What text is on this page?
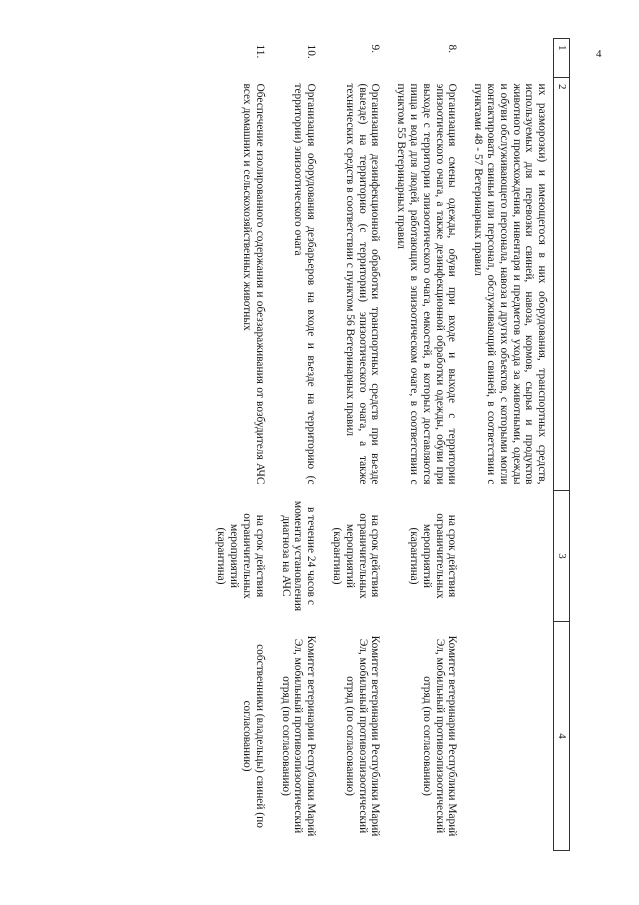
4
1	2	3	4
	их разморозки) и имеющегося в них оборудования, транспортных средств, используемых для перевозки свиней, навоза, кормов, сырья и продуктов животного происхождения, инвентаря и предметов ухода за животными, одежды и обуви обслуживающего персонала, навоза и других объектов, с которыми могли контактировать свиньи или персонал, обслуживающий свиней, в соответствии с пунктами 48 - 57 Ветеринарных правил		
8.	Организация смены одежды, обуви при входе и выходе с территории эпизоотического очага, а также дезинфекционной обработки одежды, обуви при выходе с территории эпизоотического очага, емкостей, в которых доставляются пища и вода для людей, работающих в эпизоотическом очаге, в соответствии с пунктом 55 Ветеринарных правил	на срок действия ограничительных мероприятий (карантина)	Комитет ветеринарии Республики Марий Эл, мобильный противоэпизоотический отряд (по согласованию)
9.	Организация дезинфекционной обработки транспортных средств при въезде (выезде) на территорию (с территории) эпизоотического очага, а также технических средств в соответствии с пунктом 56 Ветеринарных правил	на срок действия ограничительных мероприятий (карантина)	Комитет ветеринарии Республики Марий Эл, мобильный противоэпизоотический отряд (по согласованию)
10.	Организация оборудования дезбарьеров на входе и въезде на территорию (с территории) эпизоотического очага	в течение 24 часов с момента установления диагноза на АЧС	Комитет ветеринарии Республики Марий Эл, мобильный противоэпизоотический отряд (по согласованию)
11.	Обеспечение изолированного содержания и обеззараживания от возбудителя АЧС всех домашних и сельскохозяйственных животных	на срок действия ограничительных мероприятий (карантина)	собственники (владельцы) свиней (по согласованию)
